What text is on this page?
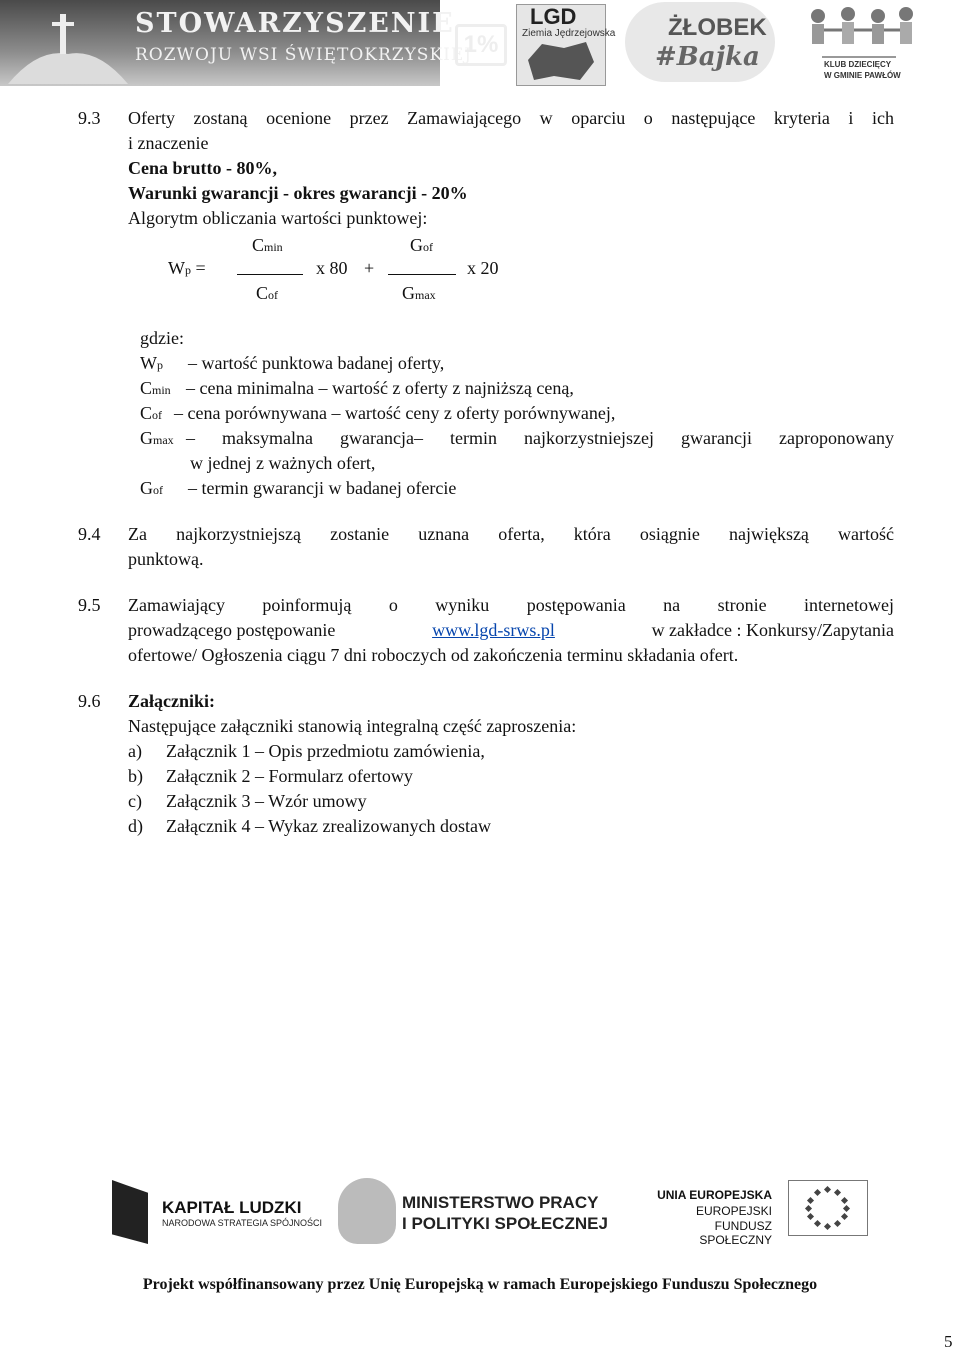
STOWARZYSZENIE
ROZWOJU WSI ŚWIĘTOKRZYSKIEJ
1%
LGD
Ziemia Jędrzejowska ŻŁOBEK
#Bajka	KLUB DZIECIĘCY
W GMINIE PAWŁÓW
9.3 Oferty zostaną ocenione przez Zamawiającego w oparciu o następujące kryteria i ich
i znaczenie
Cena brutto - 80%,
Warunki gwarancji - okres gwarancji - 20%
Algorytm obliczania wartości punktowej:
Cmin	Gof
Wp =	x 80 +	x 20
Cof	Gmax
gdzie:
Wp – wartość punktowa badanej oferty,
Cmin – cena minimalna – wartość z oferty z najniższą ceną,
Cof – cena porównywana – wartość ceny z oferty porównywanej,
Gmax – maksymalna gwarancja– termin najkorzystniejszej gwarancji zaproponowany
w jednej z ważnych ofert,
Gof – termin gwarancji w badanej ofercie
9.4 Za najkorzystniejszą zostanie uznana oferta, która osiągnie największą wartość
punktową.
9.5 Zamawiający poinformują o wyniku postępowania na stronie internetowej
prowadzącego postępowanie	www.lgd-srws.pl	w zakładce : Konkursy/Zapytania
ofertowe/ Ogłoszenia ciągu 7 dni roboczych od zakończenia terminu składania ofert.
9.6 Załączniki:
Następujące załączniki stanowią integralną część zaproszenia:
a) Załącznik 1 – Opis przedmiotu zamówienia,
b) Załącznik 2 – Formularz ofertowy
c) Załącznik 3 – Wzór umowy
d) Załącznik 4 – Wykaz zrealizowanych dostaw
KAPITAŁ LUDZKI
NARODOWA STRATEGIA SPÓJNOŚCI
MINISTERSTWO PRACY
I POLITYKI SPOŁECZNEJ
UNIA EUROPEJSKA
EUROPEJSKI
FUNDUSZ SPOŁECZNY
Projekt współfinansowany przez Unię Europejską w ramach Europejskiego Funduszu Społecznego
5
